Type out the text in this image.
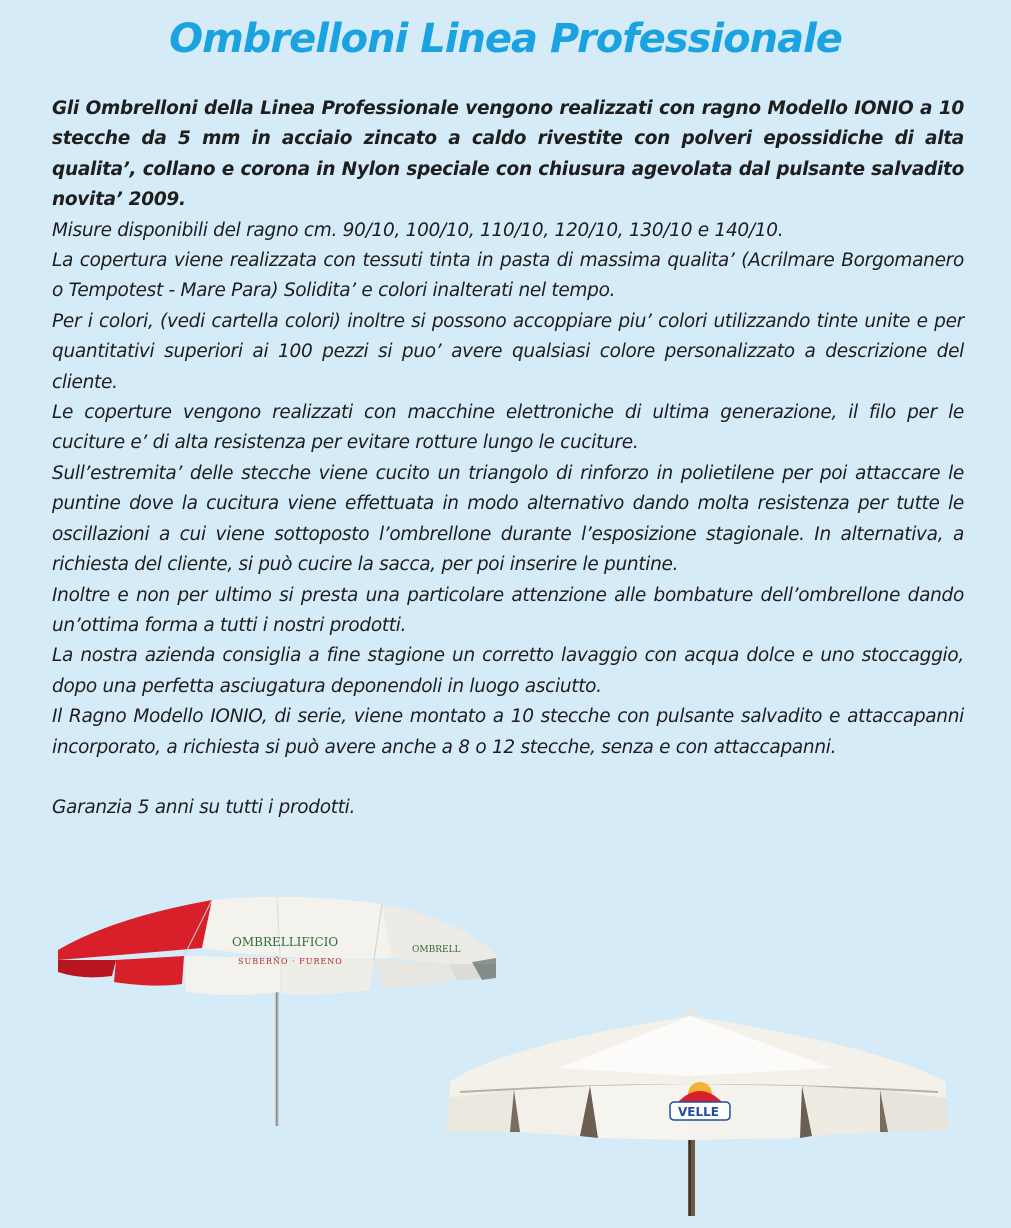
Ombrelloni Linea Professionale

Gli Ombrelloni della Linea Professionale vengono realizzati con ragno Modello IONIO a 10 stecche da 5 mm in acciaio zincato a caldo rivestite con polveri epossidiche di alta qualita’, collano e corona in Nylon speciale con chiusura agevolata dal pulsante salvadito novita’ 2009.

Misure disponibili del ragno cm. 90/10, 100/10, 110/10, 120/10, 130/10 e 140/10.

La copertura viene realizzata con tessuti tinta in pasta di massima qualita’ (Acrilmare Borgomanero o Tempotest - Mare Para) Solidita’ e colori inalterati nel tempo.

Per i colori, (vedi cartella colori) inoltre si possono accoppiare piu’ colori utilizzando tinte unite e per quantitativi superiori ai 100 pezzi si puo’ avere qualsiasi colore personalizzato a descrizione del cliente.

Le coperture vengono realizzati con macchine elettroniche di ultima generazione, il filo per le cuciture e’ di alta resistenza per evitare rotture lungo le cuciture.

Sull’estremita’ delle stecche viene cucito un triangolo di rinforzo in polietilene per poi attaccare le puntine dove la cucitura viene effettuata in modo alternativo dando molta resistenza per tutte le oscillazioni a cui viene sottoposto l’ombrellone durante l’esposizione stagionale. In alternativa, a richiesta del cliente, si può cucire la sacca, per poi inserire le puntine.

Inoltre e non per ultimo si presta una particolare attenzione alle bombature dell’ombrellone dando un’ottima forma a tutti i nostri prodotti.

La nostra azienda consiglia a fine stagione un corretto lavaggio con acqua dolce e uno stoccaggio, dopo una perfetta asciugatura deponendoli in luogo asciutto.

Il Ragno Modello IONIO, di serie, viene montato a 10 stecche con pulsante salvadito e attaccapanni incorporato, a richiesta si può avere anche a 8 o 12 stecche, senza e con attaccapanni.

Garanzia 5 anni su tutti i prodotti.

OMBRELLIFICIO
SUBERNO · FURENO
OMBRELL
VELLE
